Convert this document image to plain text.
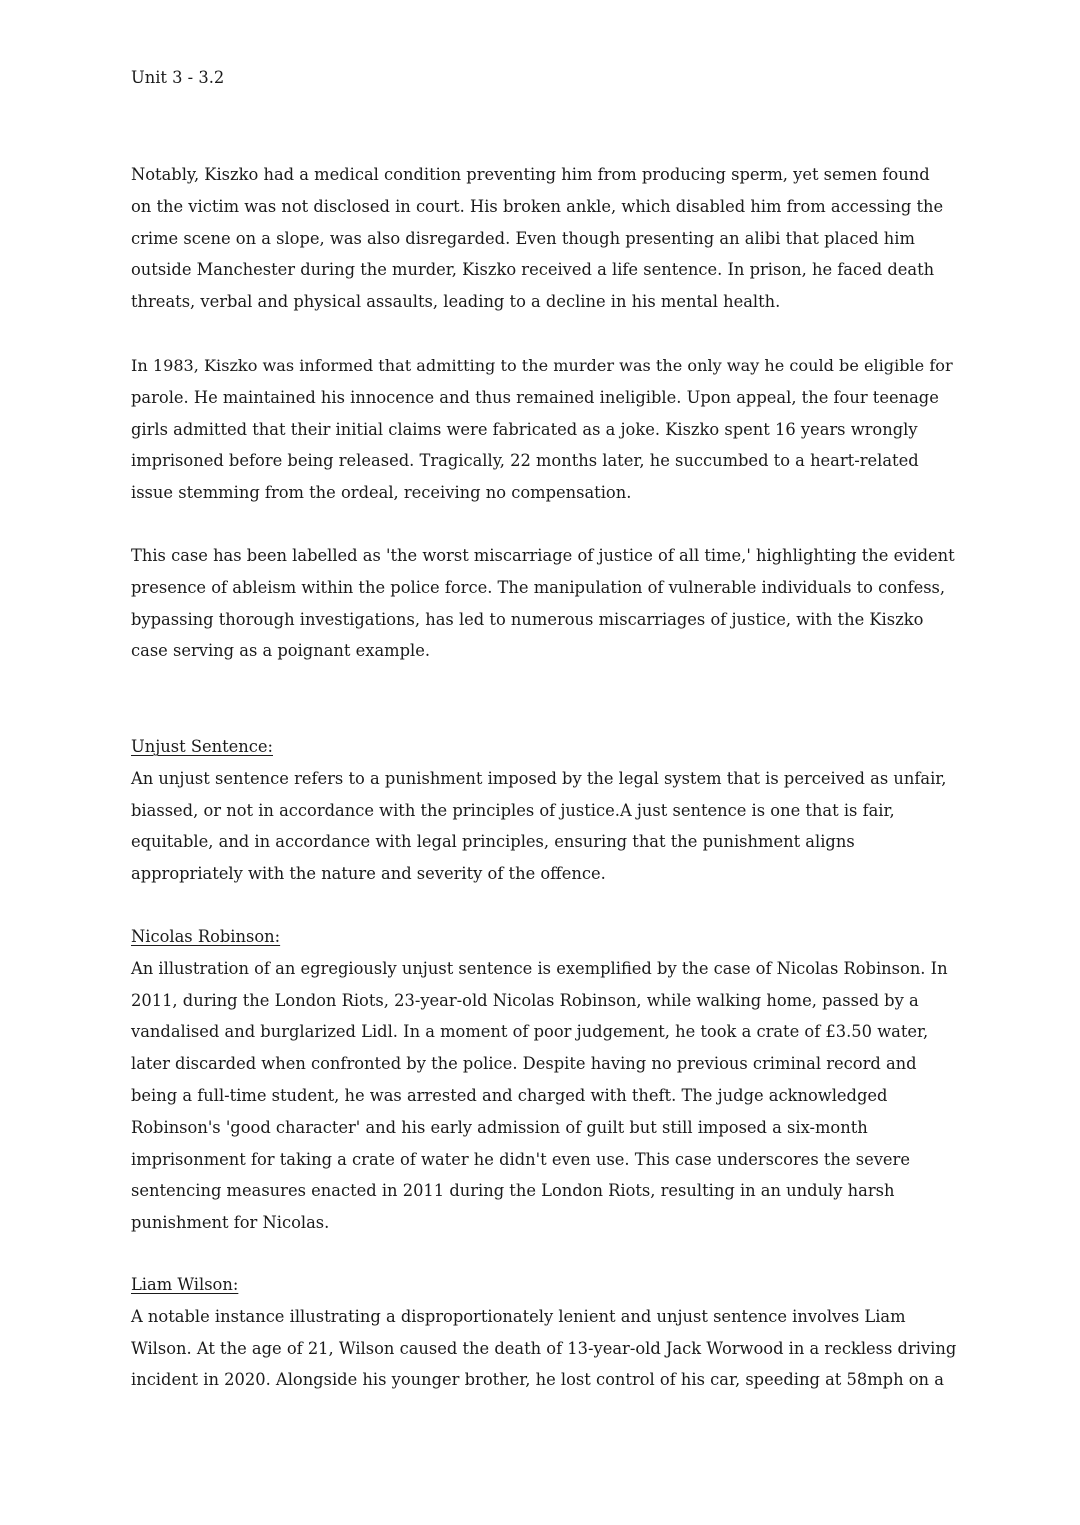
Unit 3 - 3.2
Notably, Kiszko had a medical condition preventing him from producing sperm, yet semen found
on the victim was not disclosed in court. His broken ankle, which disabled him from accessing the
crime scene on a slope, was also disregarded. Even though presenting an alibi that placed him
outside Manchester during the murder, Kiszko received a life sentence. In prison, he faced death
threats, verbal and physical assaults, leading to a decline in his mental health.
In 1983, Kiszko was informed that admitting to the murder was the only way he could be eligible for
parole. He maintained his innocence and thus remained ineligible. Upon appeal, the four teenage
girls admitted that their initial claims were fabricated as a joke. Kiszko spent 16 years wrongly
imprisoned before being released. Tragically, 22 months later, he succumbed to a heart-related
issue stemming from the ordeal, receiving no compensation.
This case has been labelled as 'the worst miscarriage of justice of all time,' highlighting the evident
presence of ableism within the police force. The manipulation of vulnerable individuals to confess,
bypassing thorough investigations, has led to numerous miscarriages of justice, with the Kiszko
case serving as a poignant example.
Unjust Sentence:
An unjust sentence refers to a punishment imposed by the legal system that is perceived as unfair,
biassed, or not in accordance with the principles of justice.A just sentence is one that is fair,
equitable, and in accordance with legal principles, ensuring that the punishment aligns
appropriately with the nature and severity of the offence.
Nicolas Robinson:
An illustration of an egregiously unjust sentence is exemplified by the case of Nicolas Robinson. In
2011, during the London Riots, 23-year-old Nicolas Robinson, while walking home, passed by a
vandalised and burglarized Lidl. In a moment of poor judgement, he took a crate of £3.50 water,
later discarded when confronted by the police. Despite having no previous criminal record and
being a full-time student, he was arrested and charged with theft. The judge acknowledged
Robinson's 'good character' and his early admission of guilt but still imposed a six-month
imprisonment for taking a crate of water he didn't even use. This case underscores the severe
sentencing measures enacted in 2011 during the London Riots, resulting in an unduly harsh
punishment for Nicolas.
Liam Wilson:
A notable instance illustrating a disproportionately lenient and unjust sentence involves Liam
Wilson. At the age of 21, Wilson caused the death of 13-year-old Jack Worwood in a reckless driving
incident in 2020. Alongside his younger brother, he lost control of his car, speeding at 58mph on a
